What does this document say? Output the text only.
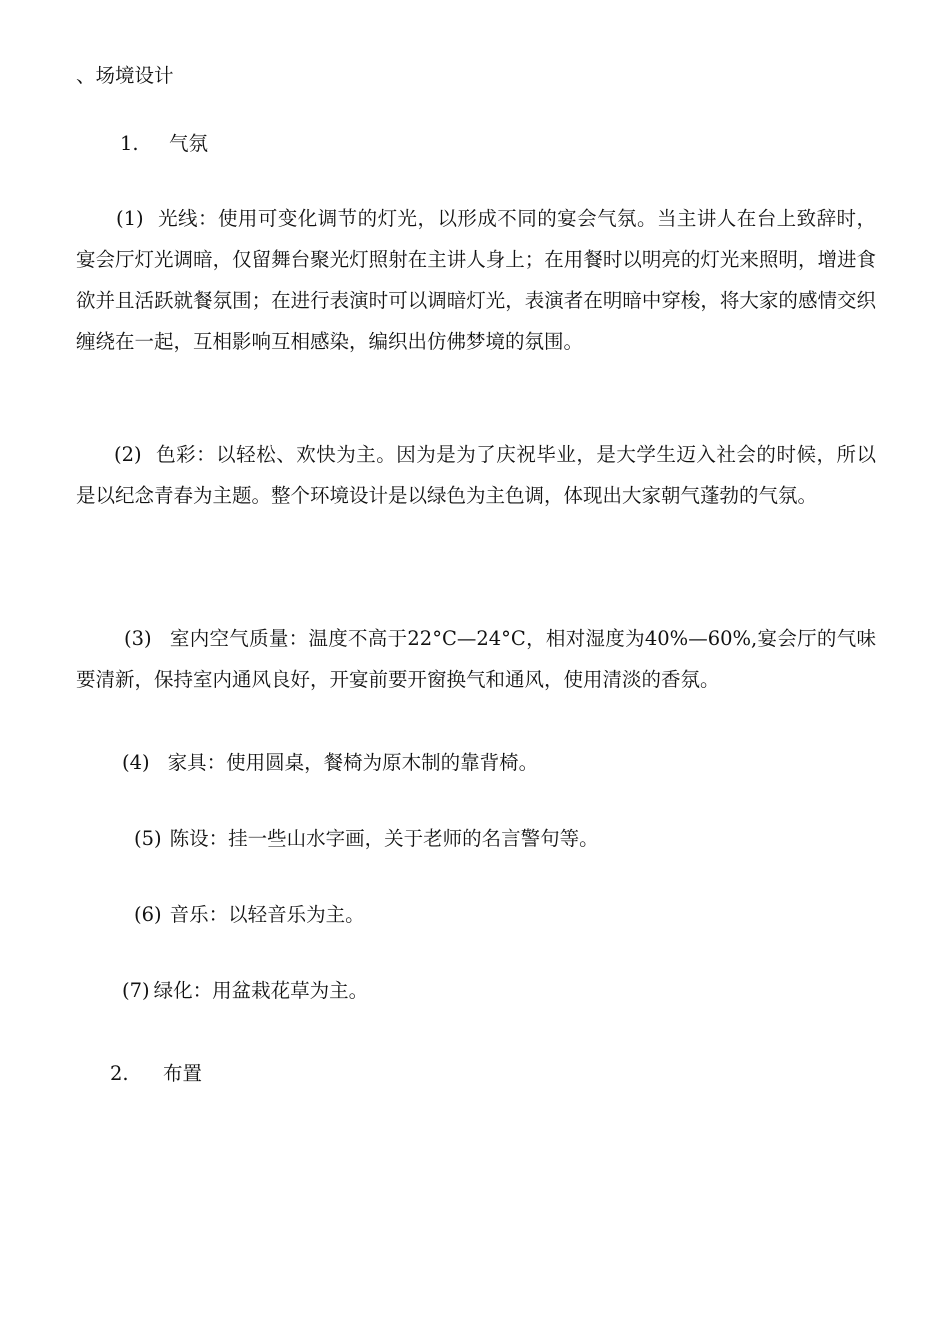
、场境设计
1. 气氛
(1) 光线：使用可变化调节的灯光，以形成不同的宴会气氛。当主讲人在台上致辞时，宴会厅灯光调暗，仅留舞台聚光灯照射在主讲人身上；在用餐时以明亮的灯光来照明，增进食欲并且活跃就餐氛围；在进行表演时可以调暗灯光，表演者在明暗中穿梭，将大家的感情交织缠绕在一起，互相影响互相感染，编织出仿佛梦境的氛围。
(2) 色彩：以轻松、欢快为主。因为是为了庆祝毕业，是大学生迈入社会的时候，所以是以纪念青春为主题。整个环境设计是以绿色为主色调，体现出大家朝气蓬勃的气氛。
(3) 室内空气质量：温度不高于22°C—24°C，相对湿度为40%—60%,宴会厅的气味要清新，保持室内通风良好，开宴前要开窗换气和通风，使用清淡的香氛。
(4) 家具：使用圆桌，餐椅为原木制的靠背椅。
(5) 陈设：挂一些山水字画，关于老师的名言警句等。
(6) 音乐：以轻音乐为主。
(7) 绿化：用盆栽花草为主。
2. 布置
